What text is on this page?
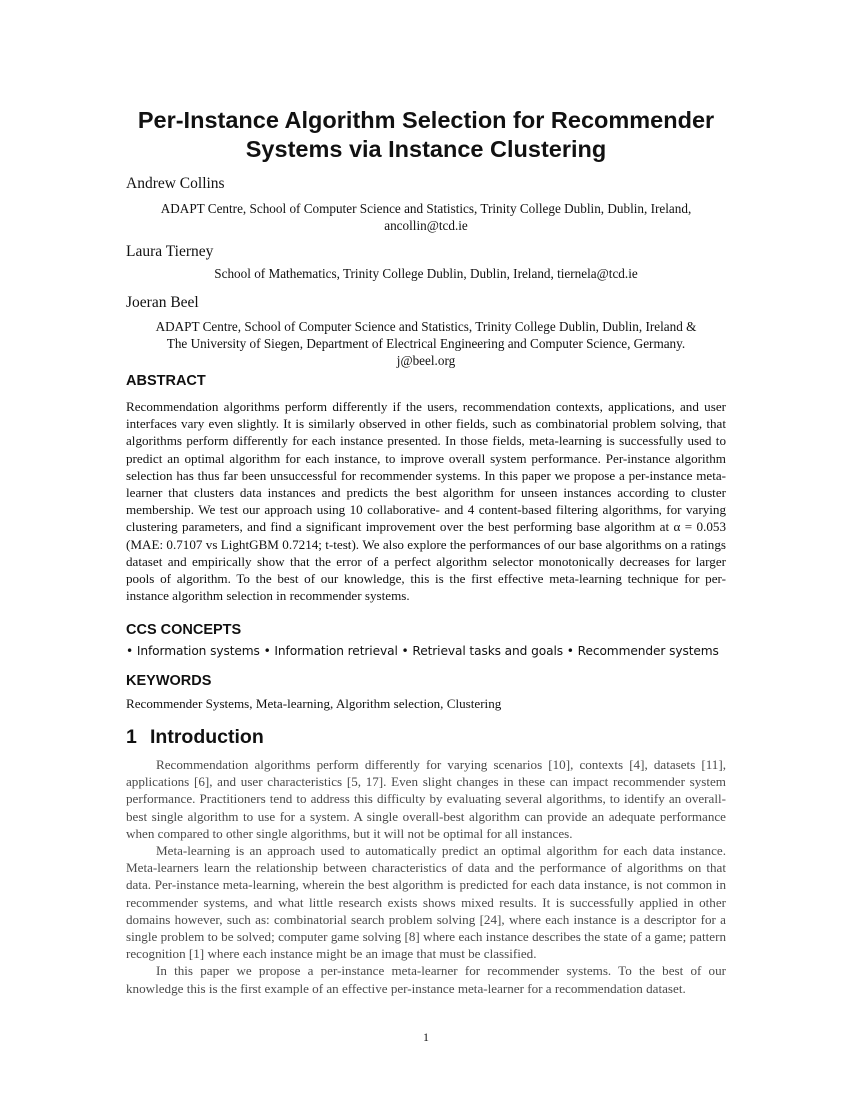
Per-Instance Algorithm Selection for Recommender
Systems via Instance Clustering
Andrew Collins
ADAPT Centre, School of Computer Science and Statistics, Trinity College Dublin, Dublin, Ireland,
ancollin@tcd.ie
Laura Tierney
School of Mathematics, Trinity College Dublin, Dublin, Ireland, tiernela@tcd.ie
Joeran Beel
ADAPT Centre, School of Computer Science and Statistics, Trinity College Dublin, Dublin, Ireland &
The University of Siegen, Department of Electrical Engineering and Computer Science, Germany.
j@beel.org
ABSTRACT
Recommendation algorithms perform differently if the users, recommendation contexts, applications, and user interfaces vary even slightly. It is similarly observed in other fields, such as combinatorial problem solving, that algorithms perform differently for each instance presented. In those fields, meta-learning is successfully used to predict an optimal algorithm for each instance, to improve overall system performance. Per-instance algorithm selection has thus far been unsuccessful for recommender systems. In this paper we propose a per-instance meta-learner that clusters data instances and predicts the best algorithm for unseen instances according to cluster membership. We test our approach using 10 collaborative- and 4 content-based filtering algorithms, for varying clustering parameters, and find a significant improvement over the best performing base algorithm at α = 0.053 (MAE: 0.7107 vs LightGBM 0.7214; t-test). We also explore the performances of our base algorithms on a ratings dataset and empirically show that the error of a perfect algorithm selector monotonically decreases for larger pools of algorithm. To the best of our knowledge, this is the first effective meta-learning technique for per-instance algorithm selection in recommender systems.
CCS CONCEPTS
• Information systems • Information retrieval • Retrieval tasks and goals • Recommender systems
KEYWORDS
Recommender Systems, Meta-learning, Algorithm selection, Clustering
1 Introduction

Recommendation algorithms perform differently for varying scenarios [10], contexts [4], datasets [11], applications [6], and user characteristics [5, 17]. Even slight changes in these can impact recommender system performance. Practitioners tend to address this difficulty by evaluating several algorithms, to identify an overall-best single algorithm to use for a system. A single overall-best algorithm can provide an adequate performance when compared to other single algorithms, but it will not be optimal for all instances.

Meta-learning is an approach used to automatically predict an optimal algorithm for each data instance. Meta-learners learn the relationship between characteristics of data and the performance of algorithms on that data. Per-instance meta-learning, wherein the best algorithm is predicted for each data instance, is not common in recommender systems, and what little research exists shows mixed results. It is successfully applied in other domains however, such as: combinatorial search problem solving [24], where each instance is a descriptor for a single problem to be solved; computer game solving [8] where each instance describes the state of a game; pattern recognition [1] where each instance might be an image that must be classified.

In this paper we propose a per-instance meta-learner for recommender systems. To the best of our knowledge this is the first example of an effective per-instance meta-learner for a recommendation dataset.

1
